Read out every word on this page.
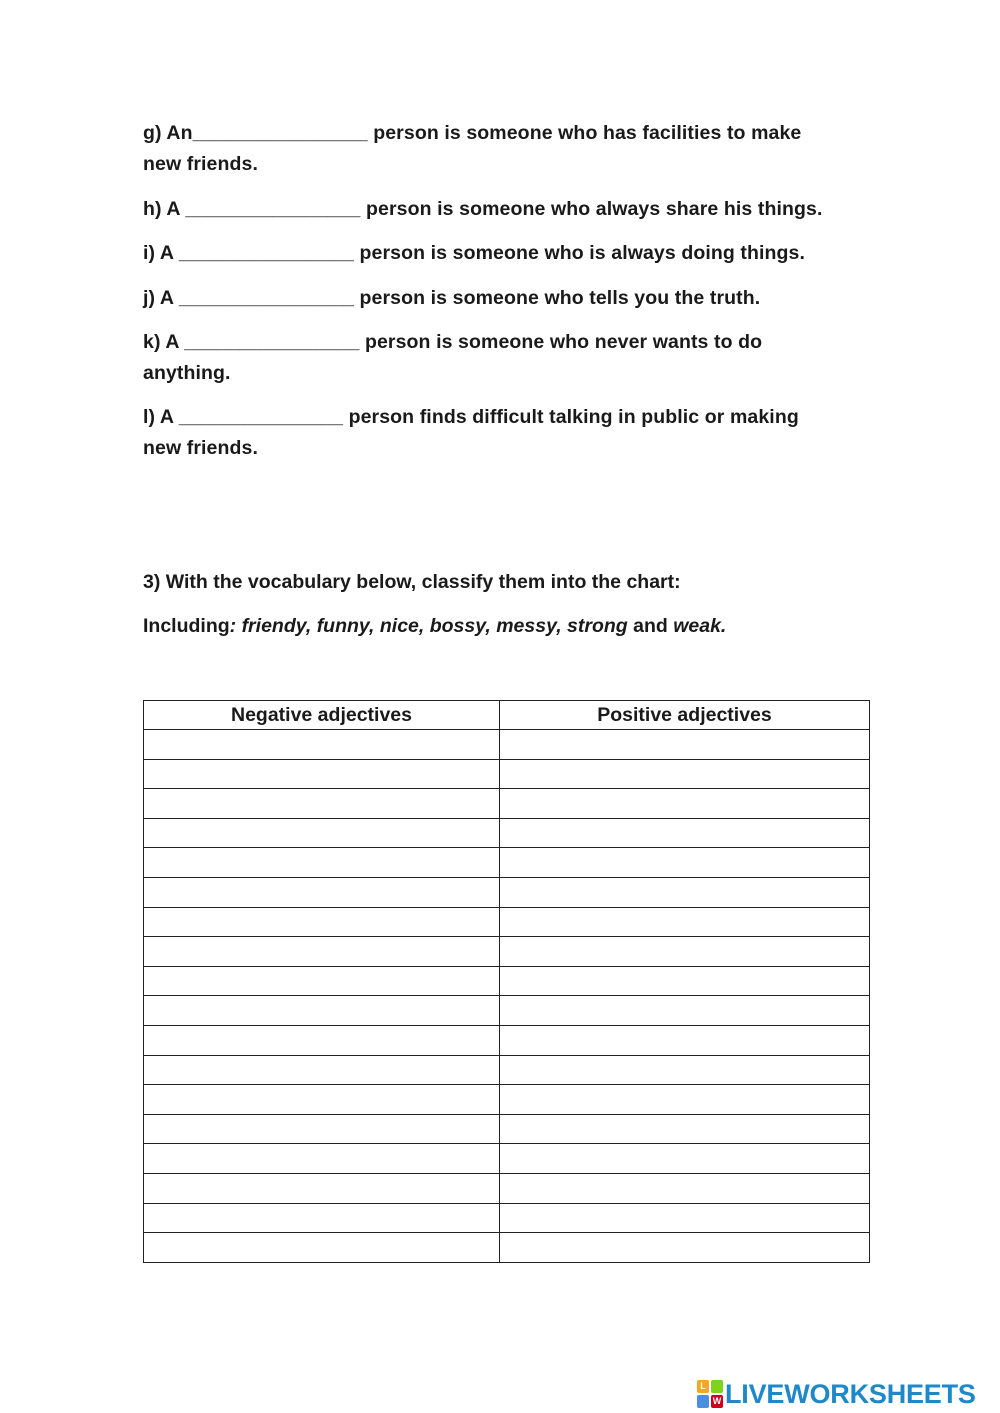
g) An________________ person is someone who has facilities to make
new friends.
h) A ________________ person is someone who always share his things.
i) A ________________ person is someone who is always doing things.
j) A ________________ person is someone who tells you the truth.
k) A ________________ person is someone who never wants to do
anything.
l) A _______________ person finds difficult talking in public or making
new friends.
3) With the vocabulary below, classify them into the chart:
Including: friendy, funny, nice, bossy, messy, strong and weak.
Negative adjectives	Positive adjectives

L
W LIVEWORKSHEETS
